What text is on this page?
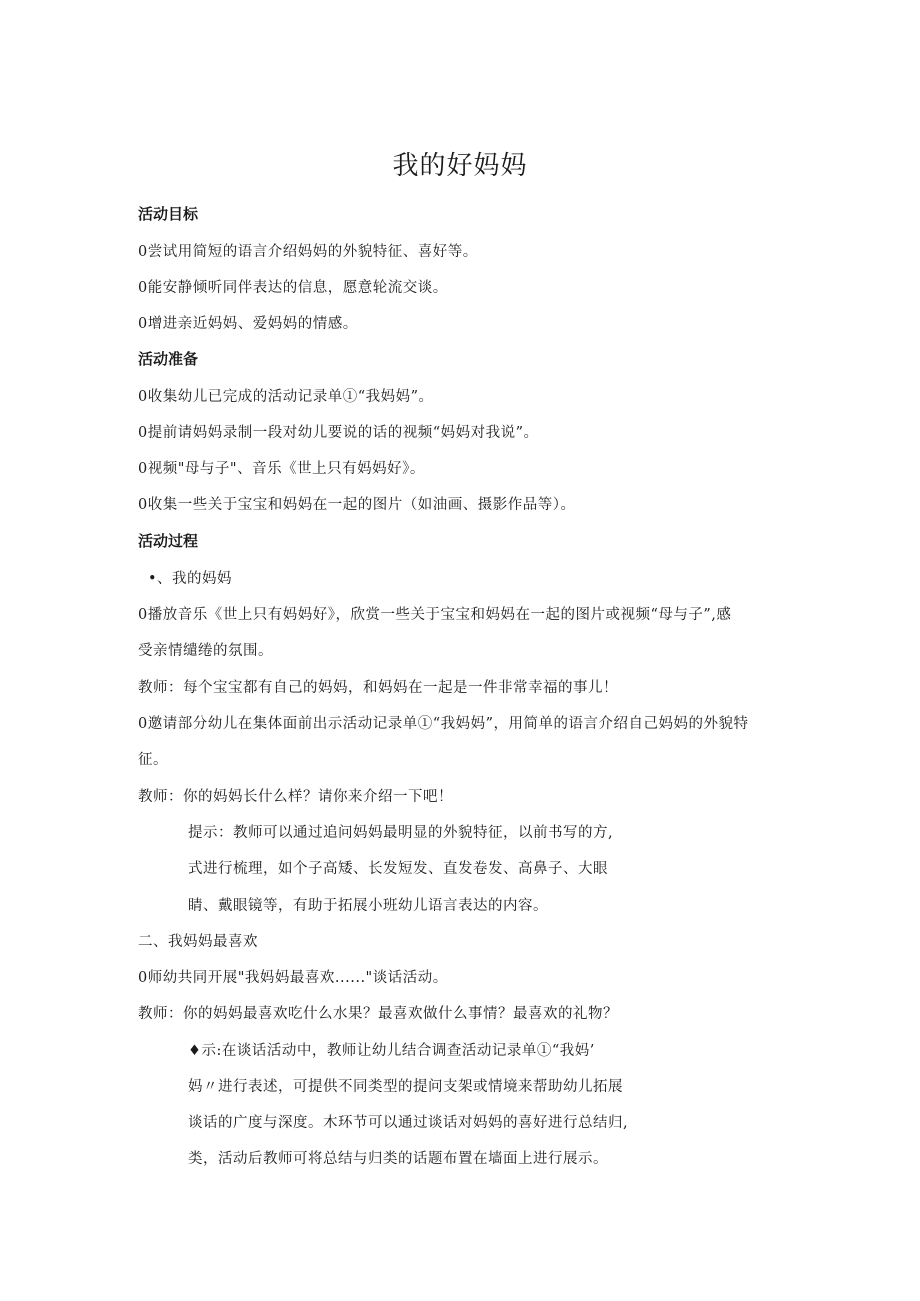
我的好妈妈
活动目标
0尝试用简短的语言介绍妈妈的外貌特征、喜好等。
0能安静倾听同伴表达的信息，愿意轮流交谈。
0增进亲近妈妈、爱妈妈的情感。
活动准备
0收集幼儿已完成的活动记录单①“我妈妈”。
0提前请妈妈录制一段对幼儿要说的话的视频“妈妈对我说”。
0视频"母与子"、音乐《世上只有妈妈好》。
0收集一些关于宝宝和妈妈在一起的图片（如油画、摄影作品等）。
活动过程
•、我的妈妈
0播放音乐《世上只有妈妈好》，欣赏一些关于宝宝和妈妈在一起的图片或视频“母与子”,感
受亲情缱绻的氛围。
教师：每个宝宝都有自己的妈妈，和妈妈在一起是一件非常幸福的事儿！
0邀请部分幼儿在集体面前出示活动记录单①“我妈妈”，用简单的语言介绍自己妈妈的外貌特
征。
教师：你的妈妈长什么样？请你来介绍一下吧！
提示：教师可以通过追问妈妈最明显的外貌特征，以前书写的方,
式进行梳理，如个子高矮、长发短发、直发卷发、高鼻子、大眼
睛、戴眼镜等，有助于拓展小班幼儿语言表达的内容。
二、我妈妈最喜欢
0师幼共同开展"我妈妈最喜欢......"谈话活动。
教师：你的妈妈最喜欢吃什么水果？最喜欢做什么事情？最喜欢的礼物？
♦示:在谈话活动中，教师让幼儿结合调查活动记录单①“我妈’
妈〃进行表述，可提供不同类型的提问支架或情境来帮助幼儿拓展
谈话的广度与深度。木环节可以通过谈话对妈妈的喜好进行总结归,
类，活动后教师可将总结与归类的话题布置在墙面上进行展示。
